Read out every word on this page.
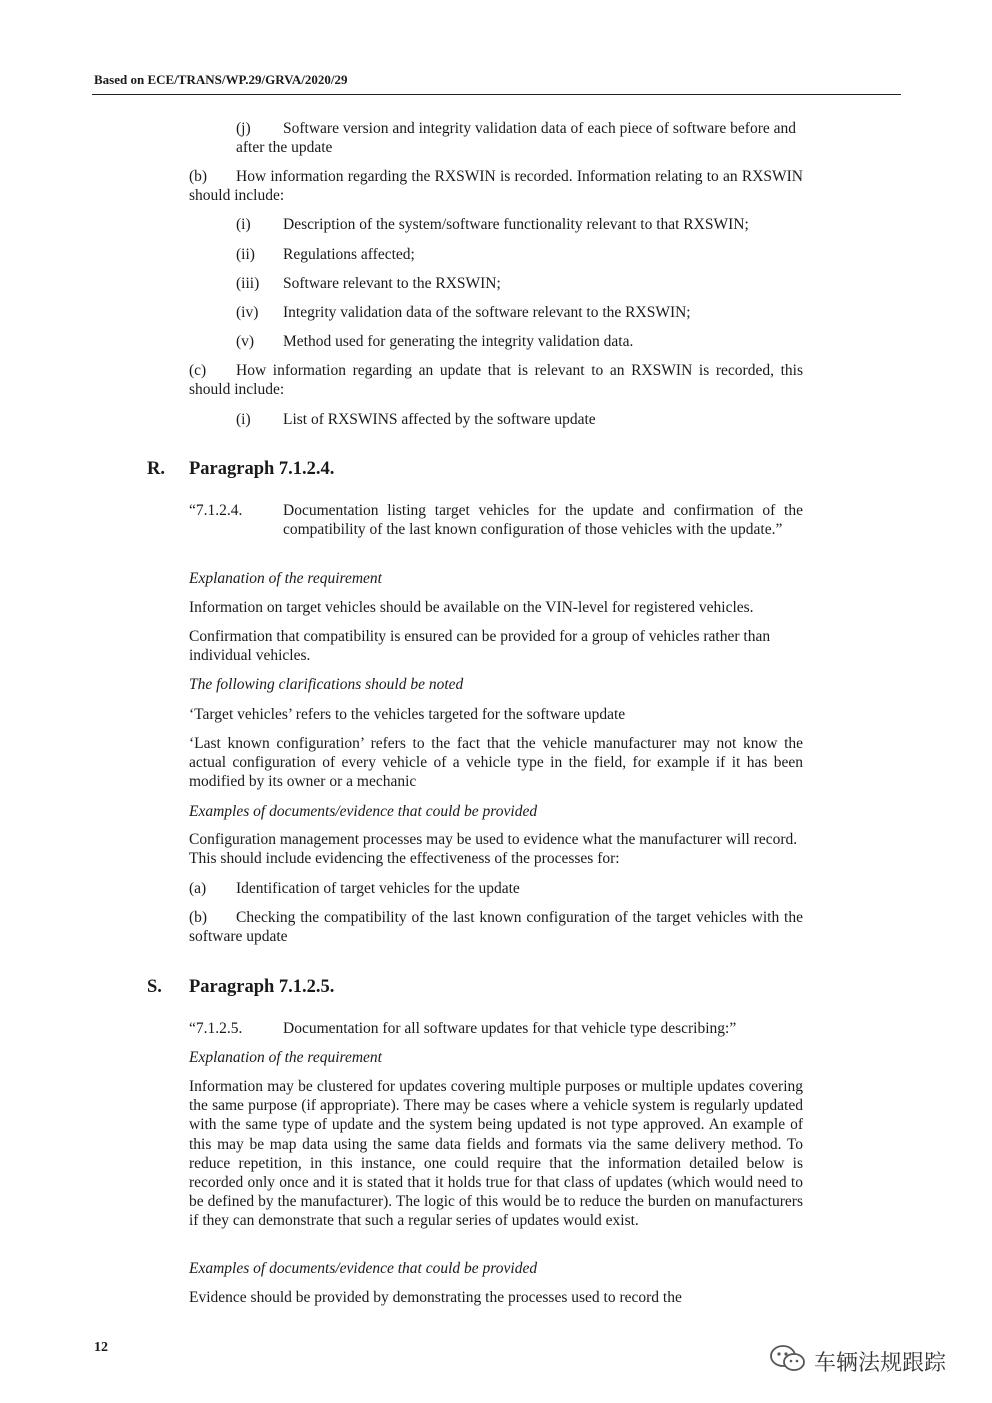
Based on ECE/TRANS/WP.29/GRVA/2020/29
(j) Software version and integrity validation data of each piece of software before and after the update
(b) How information regarding the RXSWIN is recorded. Information relating to an RXSWIN should include:
(i) Description of the system/software functionality relevant to that RXSWIN;
(ii) Regulations affected;
(iii) Software relevant to the RXSWIN;
(iv) Integrity validation data of the software relevant to the RXSWIN;
(v) Method used for generating the integrity validation data.
(c) How information regarding an update that is relevant to an RXSWIN is recorded, this should include:
(i) List of RXSWINS affected by the software update
R. Paragraph 7.1.2.4.
“7.1.2.4.	Documentation listing target vehicles for the update and confirmation of the compatibility of the last known configuration of those vehicles with the update.”
Explanation of the requirement
Information on target vehicles should be available on the VIN-level for registered vehicles.
Confirmation that compatibility is ensured can be provided for a group of vehicles rather than individual vehicles.
The following clarifications should be noted
‘Target vehicles’ refers to the vehicles targeted for the software update
‘Last known configuration’ refers to the fact that the vehicle manufacturer may not know the actual configuration of every vehicle of a vehicle type in the field, for example if it has been modified by its owner or a mechanic
Examples of documents/evidence that could be provided
Configuration management processes may be used to evidence what the manufacturer will record. This should include evidencing the effectiveness of the processes for:
(a) Identification of target vehicles for the update
(b) Checking the compatibility of the last known configuration of the target vehicles with the software update
S. Paragraph 7.1.2.5.
“7.1.2.5.	Documentation for all software updates for that vehicle type describing:”
Explanation of the requirement
Information may be clustered for updates covering multiple purposes or multiple updates covering the same purpose (if appropriate). There may be cases where a vehicle system is regularly updated with the same type of update and the system being updated is not type approved. An example of this may be map data using the same data fields and formats via the same delivery method. To reduce repetition, in this instance, one could require that the information detailed below is recorded only once and it is stated that it holds true for that class of updates (which would need to be defined by the manufacturer). The logic of this would be to reduce the burden on manufacturers if they can demonstrate that such a regular series of updates would exist.
Examples of documents/evidence that could be provided
Evidence should be provided by demonstrating the processes used to record the
12
车辆法规跟踪
